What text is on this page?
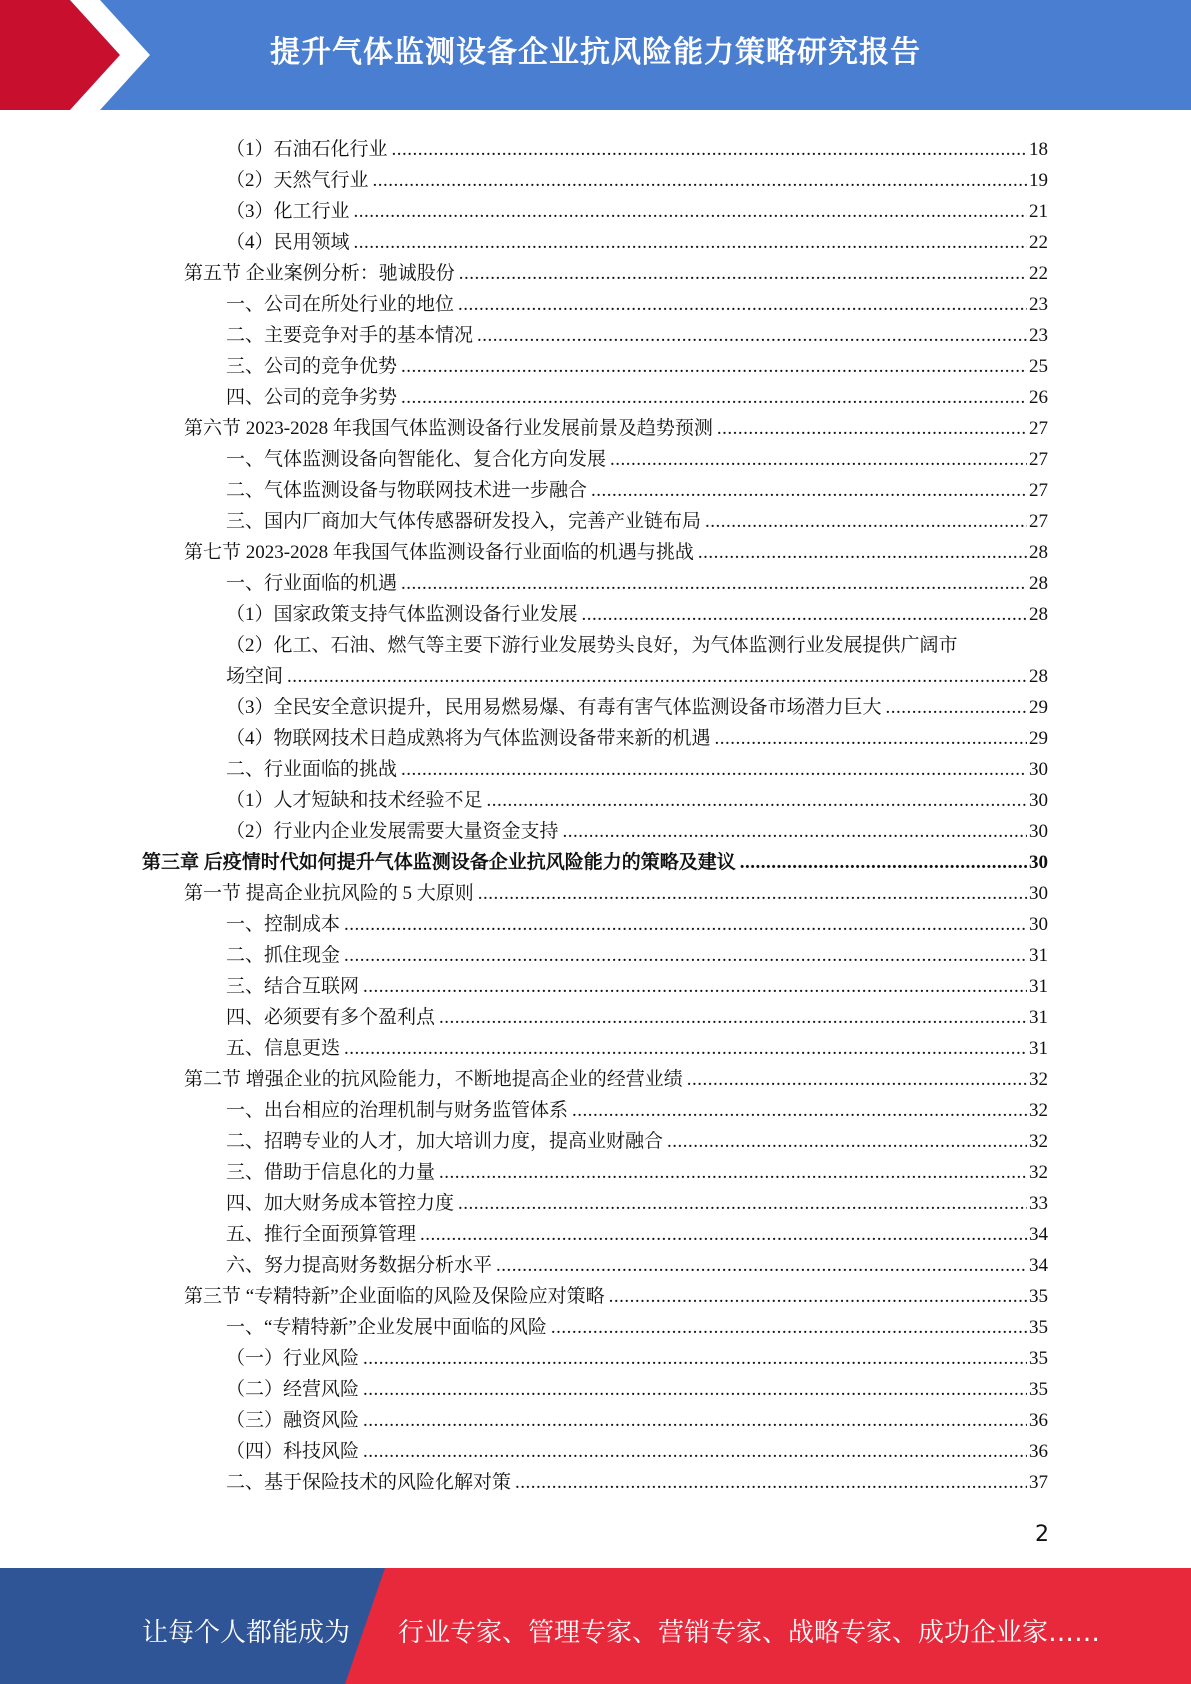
提升气体监测设备企业抗风险能力策略研究报告
（1）石油石化行业 .....	18
（2）天然气行业 .....	19
（3）化工行业 .....	21
（4）民用领域 .....	22
第五节 企业案例分析：驰诚股份 .....	22
一、公司在所处行业的地位 .....	23
二、主要竞争对手的基本情况 .....	23
三、公司的竞争优势 .....	25
四、公司的竞争劣势 .....	26
第六节 2023-2028 年我国气体监测设备行业发展前景及趋势预测 .....	27
一、气体监测设备向智能化、复合化方向发展 .....	27
二、气体监测设备与物联网技术进一步融合 .....	27
三、国内厂商加大气体传感器研发投入，完善产业链布局 .....	27
第七节 2023-2028 年我国气体监测设备行业面临的机遇与挑战 .....	28
一、行业面临的机遇 .....	28
（1）国家政策支持气体监测设备行业发展 .....	28
（2）化工、石油、燃气等主要下游行业发展势头良好，为气体监测行业发展提供广阔市
场空间 .....	28
（3）全民安全意识提升，民用易燃易爆、有毒有害气体监测设备市场潜力巨大 .....	29
（4）物联网技术日趋成熟将为气体监测设备带来新的机遇 .....	29
二、行业面临的挑战 .....	30
（1）人才短缺和技术经验不足 .....	30
（2）行业内企业发展需要大量资金支持 .....	30
第三章 后疫情时代如何提升气体监测设备企业抗风险能力的策略及建议 .....	30
第一节 提高企业抗风险的 5 大原则 .....	30
一、控制成本 .....	30
二、抓住现金 .....	31
三、结合互联网 .....	31
四、必须要有多个盈利点 .....	31
五、信息更迭 .....	31
第二节 增强企业的抗风险能力，不断地提高企业的经营业绩 .....	32
一、出台相应的治理机制与财务监管体系 .....	32
二、招聘专业的人才，加大培训力度，提高业财融合 .....	32
三、借助于信息化的力量 .....	32
四、加大财务成本管控力度 .....	33
五、推行全面预算管理 .....	34
六、努力提高财务数据分析水平 .....	34
第三节 “专精特新”企业面临的风险及保险应对策略 .....	35
一、“专精特新”企业发展中面临的风险 .....	35
（一）行业风险 .....	35
（二）经营风险 .....	35
（三）融资风险 .....	36
（四）科技风险 .....	36
二、基于保险技术的风险化解对策 .....	37
2
让每个人都能成为 行业专家、管理专家、营销专家、战略专家、成功企业家……
